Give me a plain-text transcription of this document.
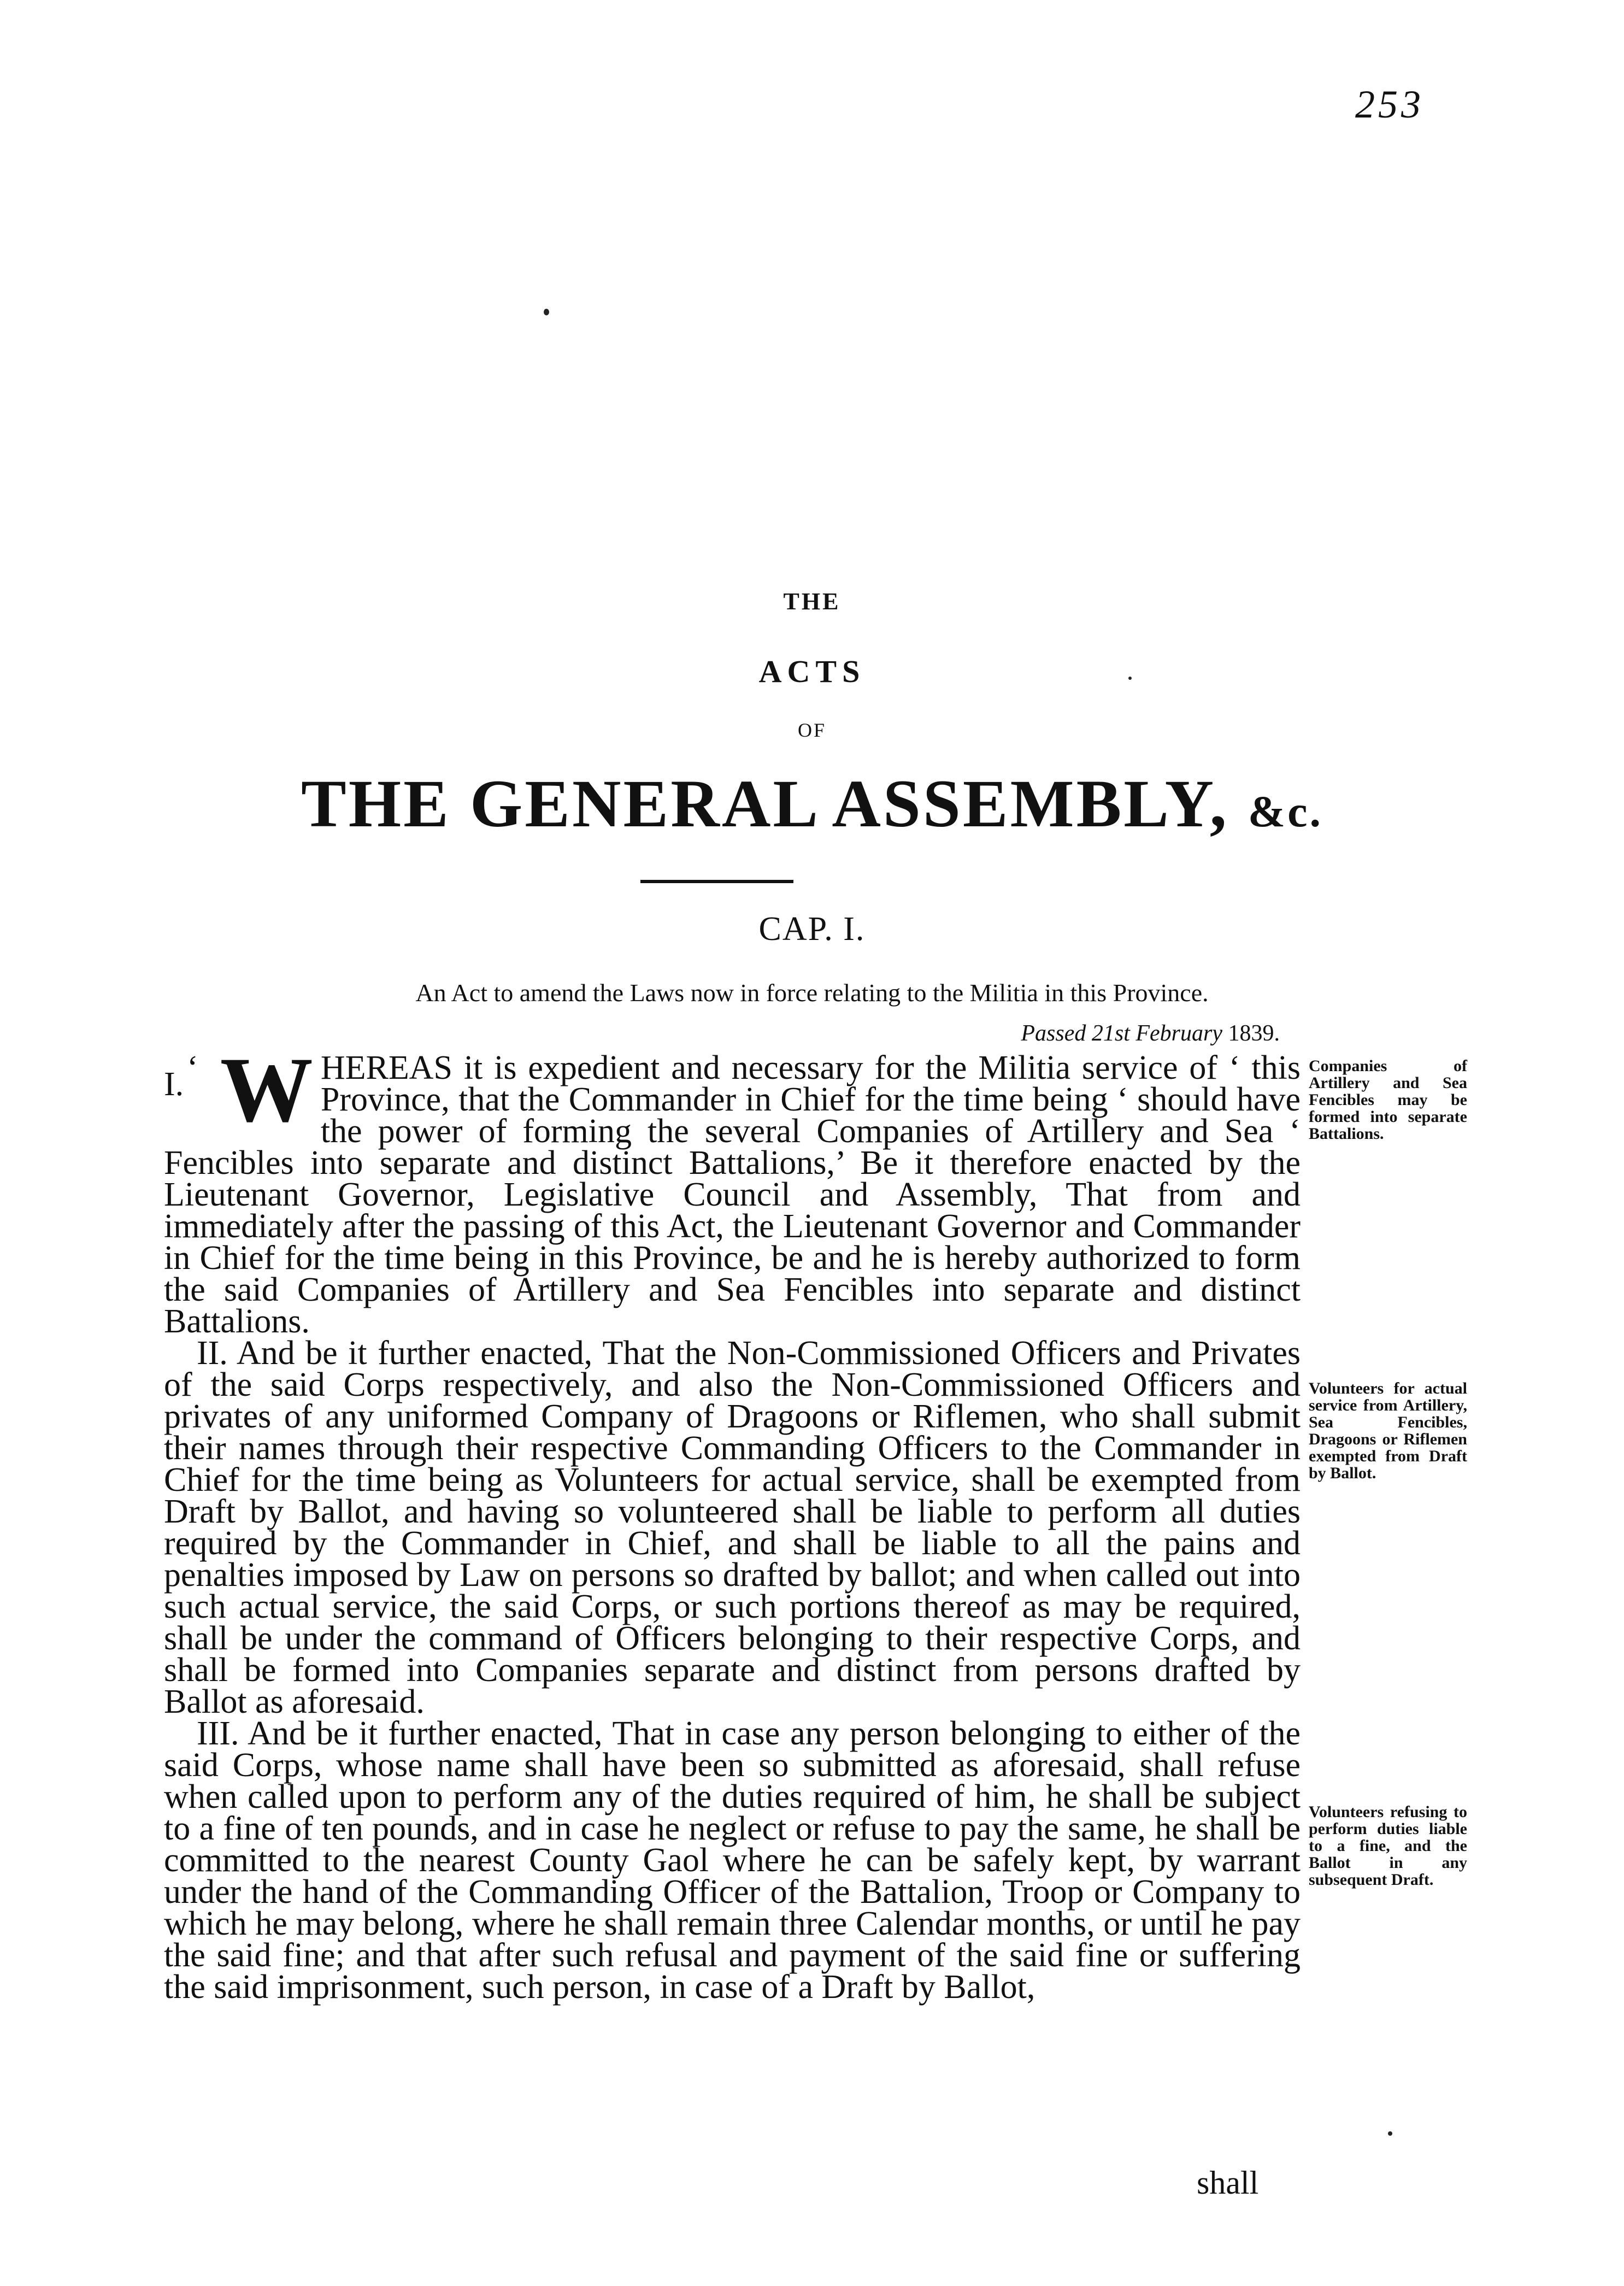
253
THE
ACTS
OF
THE GENERAL ASSEMBLY, &c.
CAP. I.
An Act to amend the Laws now in force relating to the Militia in this Province.
Passed 21st February 1839.

I. ‘ W HEREAS it is expedient and necessary for the Militia service of ‘ this Province, that the Commander in Chief for the time being ‘ should have the power of forming the several Companies of Artillery and Sea ‘ Fencibles into separate and distinct Battalions,’ Be it therefore enacted by the Lieutenant Governor, Legislative Council and Assembly, That from and immediately after the passing of this Act, the Lieutenant Governor and Commander in Chief for the time being in this Province, be and he is hereby authorized to form the said Companies of Artillery and Sea Fencibles into separate and distinct Battalions.

II. And be it further enacted, That the Non-Commissioned Officers and Privates of the said Corps respectively, and also the Non-Commissioned Officers and privates of any uniformed Company of Dragoons or Riflemen, who shall submit their names through their respective Commanding Officers to the Commander in Chief for the time being as Volunteers for actual service, shall be exempted from Draft by Ballot, and having so volunteered shall be liable to perform all duties required by the Commander in Chief, and shall be liable to all the pains and penalties imposed by Law on persons so drafted by ballot; and when called out into such actual service, the said Corps, or such portions thereof as may be required, shall be under the command of Officers belonging to their respective Corps, and shall be formed into Companies separate and distinct from persons drafted by Ballot as aforesaid.

III. And be it further enacted, That in case any person belonging to either of the said Corps, whose name shall have been so submitted as aforesaid, shall refuse when called upon to perform any of the duties required of him, he shall be subject to a fine of ten pounds, and in case he neglect or refuse to pay the same, he shall be committed to the nearest County Gaol where he can be safely kept, by warrant under the hand of the Commanding Officer of the Battalion, Troop or Company to which he may belong, where he shall remain three Calendar months, or until he pay the said fine; and that after such refusal and payment of the said fine or suffering the said imprisonment, such person, in case of a Draft by Ballot,

Companies of Artillery and Sea Fencibles may be formed into separate Battalions.
Volunteers for actual service from Artillery, Sea Fencibles, Dragoons or Riflemen exempted from Draft by Ballot.
Volunteers refusing to perform duties liable to a fine, and the Ballot in any subsequent Draft.
shall
